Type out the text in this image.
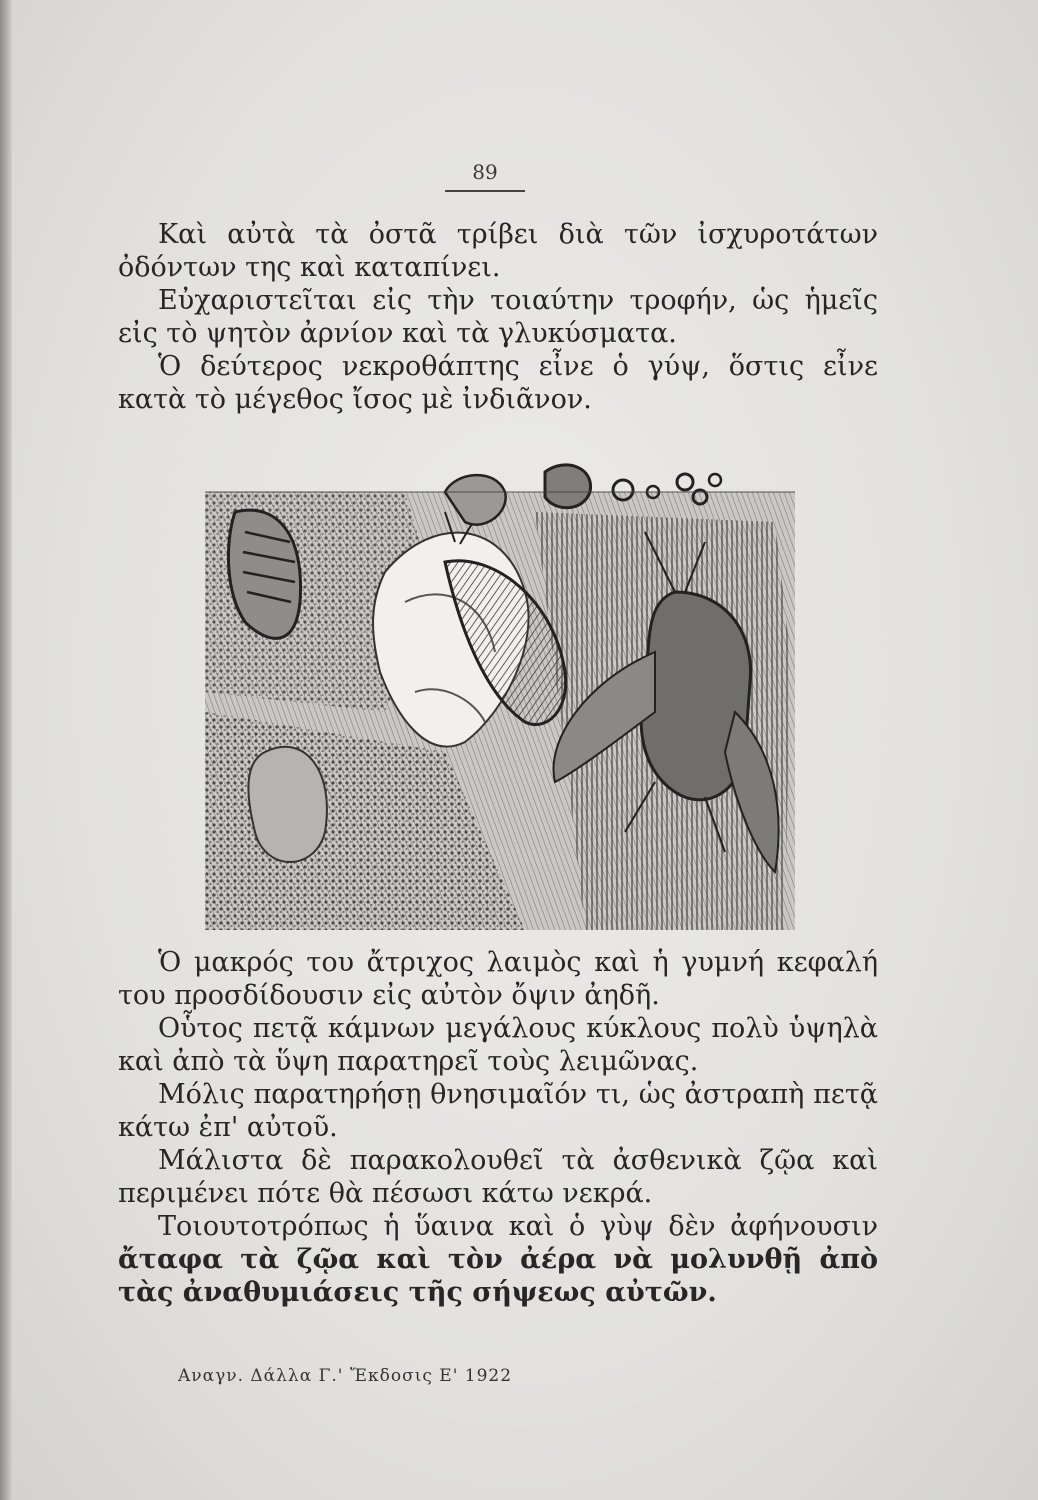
89

Καὶ αὐτὰ τὰ ὀστᾶ τρίβει διὰ τῶν ἰσχυροτάτων ὀδόντων της καὶ καταπίνει.

Εὐχαριστεῖται εἰς τὴν τοιαύτην τροφήν, ὡς ἡμεῖς εἰς τὸ ψητὸν ἀρνίον καὶ τὰ γλυκύσματα.

Ὁ δεύτερος νεκροθάπτης εἶνε ὁ γύψ, ὅστις εἶνε κατὰ τὸ μέγεθος ἴσος μὲ ἰνδιᾶνον.

Ὁ μακρός του ἄτριχος λαιμὸς καὶ ἡ γυμνή κεφαλή του προσδίδουσιν εἰς αὐτὸν ὄψιν ἀηδῆ.

Οὗτος πετᾷ κάμνων μεγάλους κύκλους πολὺ ὑψηλὰ καὶ ἀπὸ τὰ ὕψη παρατηρεῖ τοὺς λειμῶνας.

Μόλις παρατηρήσῃ θνησιμαῖόν τι, ὡς ἀστραπὴ πετᾷ κάτω ἐπ' αὐτοῦ.

Μάλιστα δὲ παρακολουθεῖ τὰ ἀσθενικὰ ζῷα καὶ περιμένει πότε θὰ πέσωσι κάτω νεκρά.

Τοιουτοτρόπως ἡ ὕαινα καὶ ὁ γὺψ δὲν ἀφήνουσιν ἄταφα τὰ ζῷα καὶ τὸν ἀέρα νὰ μολυνθῇ ἀπὸ τὰς ἀναθυμιάσεις τῆς σήψεως αὐτῶν.

Αναγν. Δάλλα Γ.' Ἔκδοσις Ε' 1922
